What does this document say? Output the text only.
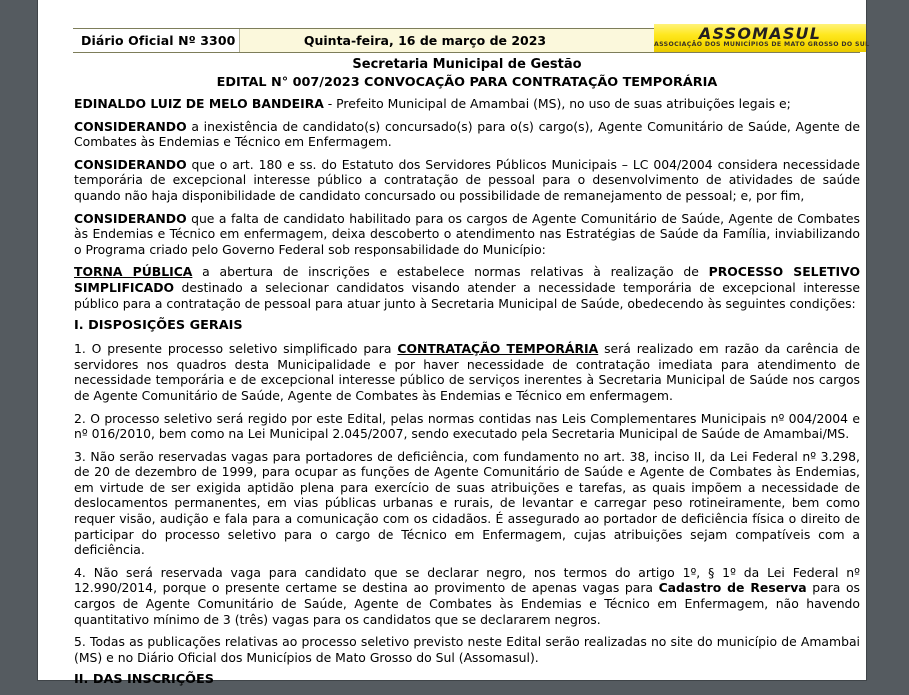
Diário Oficial Nº 3300	Quinta-feira, 16 de março de 2023	ASSOMASUL
ASSOCIAÇÃO DOS MUNICÍPIOS DE MATO GROSSO DO SUL
Secretaria Municipal de Gestão
EDITAL N° 007/2023 CONVOCAÇÃO PARA CONTRATAÇÃO TEMPORÁRIA

EDINALDO LUIZ DE MELO BANDEIRA - Prefeito Municipal de Amambai (MS), no uso de suas atribuições legais e;

CONSIDERANDO a inexistência de candidato(s) concursado(s) para o(s) cargo(s), Agente Comunitário de Saúde, Agente de Combates às Endemias e Técnico em Enfermagem.

CONSIDERANDO que o art. 180 e ss. do Estatuto dos Servidores Públicos Municipais – LC 004/2004 considera necessidade temporária de excepcional interesse público a contratação de pessoal para o desenvolvimento de atividades de saúde quando não haja disponibilidade de candidato concursado ou possibilidade de remanejamento de pessoal; e, por fim,

CONSIDERANDO que a falta de candidato habilitado para os cargos de Agente Comunitário de Saúde, Agente de Combates às Endemias e Técnico em enfermagem, deixa descoberto o atendimento nas Estratégias de Saúde da Família, inviabilizando o Programa criado pelo Governo Federal sob responsabilidade do Município:

TORNA PÚBLICA a abertura de inscrições e estabelece normas relativas à realização de PROCESSO SELETIVO SIMPLIFICADO destinado a selecionar candidatos visando atender a necessidade temporária de excepcional interesse público para a contratação de pessoal para atuar junto à Secretaria Municipal de Saúde, obedecendo às seguintes condições:

I. DISPOSIÇÕES GERAIS

1. O presente processo seletivo simplificado para CONTRATAÇÃO TEMPORÁRIA será realizado em razão da carência de servidores nos quadros desta Municipalidade e por haver necessidade de contratação imediata para atendimento de necessidade temporária e de excepcional interesse público de serviços inerentes à Secretaria Municipal de Saúde nos cargos de Agente Comunitário de Saúde, Agente de Combates às Endemias e Técnico em enfermagem.

2. O processo seletivo será regido por este Edital, pelas normas contidas nas Leis Complementares Municipais nº 004/2004 e nº 016/2010, bem como na Lei Municipal 2.045/2007, sendo executado pela Secretaria Municipal de Saúde de Amambai/MS.

3. Não serão reservadas vagas para portadores de deficiência, com fundamento no art. 38, inciso II, da Lei Federal nº 3.298, de 20 de dezembro de 1999, para ocupar as funções de Agente Comunitário de Saúde e Agente de Combates às Endemias, em virtude de ser exigida aptidão plena para exercício de suas atribuições e tarefas, as quais impõem a necessidade de deslocamentos permanentes, em vias públicas urbanas e rurais, de levantar e carregar peso rotineiramente, bem como requer visão, audição e fala para a comunicação com os cidadãos. É assegurado ao portador de deficiência física o direito de participar do processo seletivo para o cargo de Técnico em Enfermagem, cujas atribuições sejam compatíveis com a deficiência.

4. Não será reservada vaga para candidato que se declarar negro, nos termos do artigo 1º, § 1º da Lei Federal nº 12.990/2014, porque o presente certame se destina ao provimento de apenas vagas para Cadastro de Reserva para os cargos de Agente Comunitário de Saúde, Agente de Combates às Endemias e Técnico em Enfermagem, não havendo quantitativo mínimo de 3 (três) vagas para os candidatos que se declararem negros.

5. Todas as publicações relativas ao processo seletivo previsto neste Edital serão realizadas no site do município de Amambai (MS) e no Diário Oficial dos Municípios de Mato Grosso do Sul (Assomasul).

II. DAS INSCRIÇÕES
